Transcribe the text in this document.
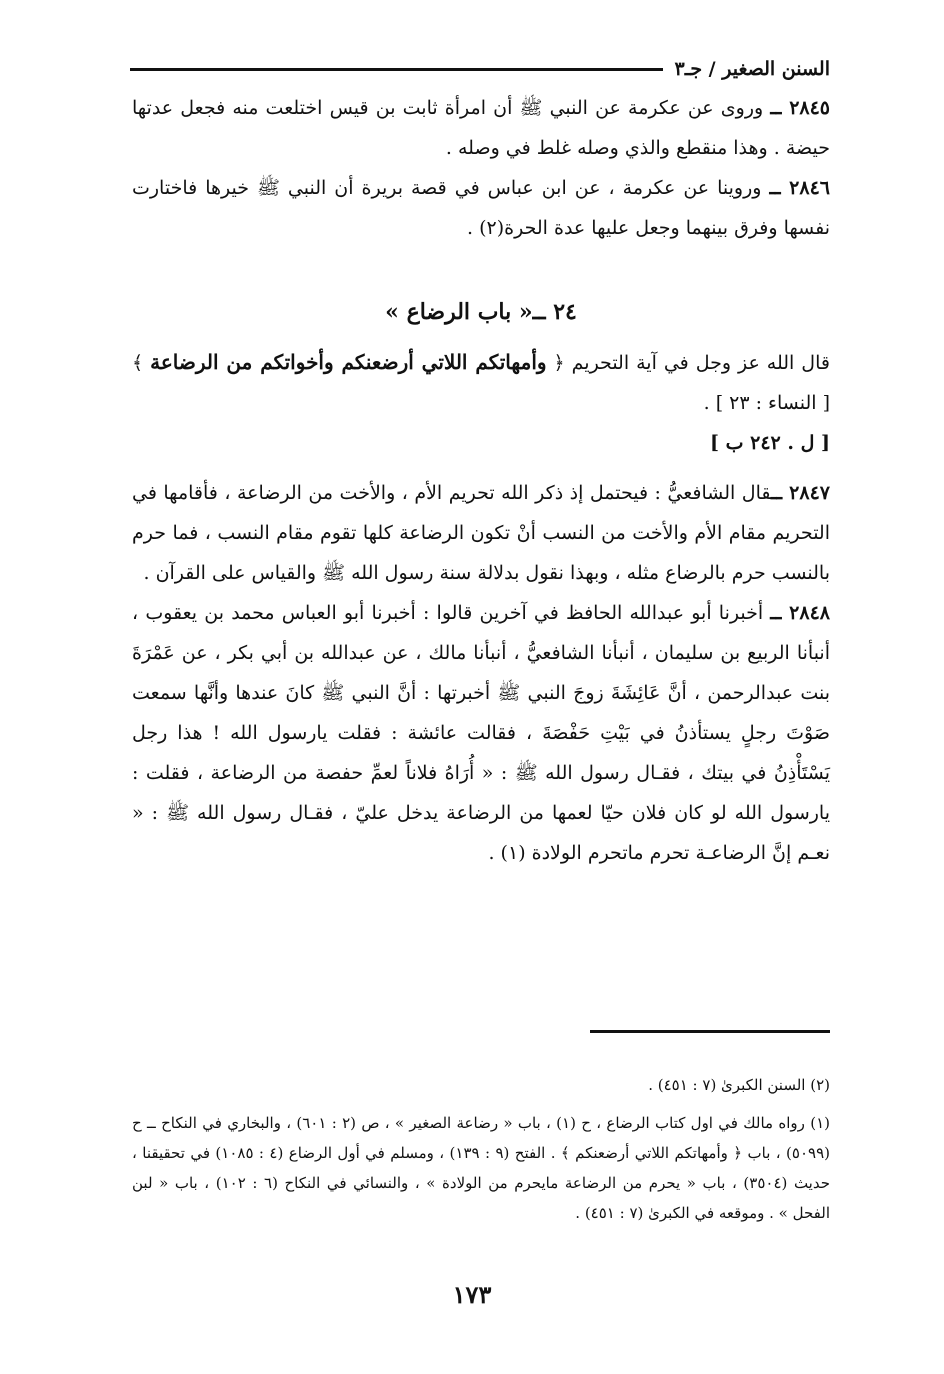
السنن الصغير / جـ٣

٢٨٤٥ ــ وروى عن عكرمة عن النبي ﷺ أن امرأة ثابت بن قيس اختلعت منه فجعل عدتها حيضة . وهذا منقطع والذي وصله غلط في وصله .

٢٨٤٦ ــ وروينا عن عكرمة ، عن ابن عباس في قصة بريرة أن النبي ﷺ خيرها فاختارت نفسها وفرق بينهما وجعل عليها عدة الحرة(٢) .

٢٤ ــ« باب الرضاع »

قال الله عز وجل في آية التحريم ﴿ وأمهاتكم اللاتي أرضعنكم وأخواتكم من الرضاعة ﴾ [ النساء : ٢٣ ] .

[ ل . ٢٤٢ ب ]

٢٨٤٧ ــقال الشافعيُّ : فيحتمل إذ ذكر الله تحريم الأم ، والأخت من الرضاعة ، فأقامها في التحريم مقام الأم والأخت من النسب أنْ تكون الرضاعة كلها تقوم مقام النسب ، فما حرم بالنسب حرم بالرضاع مثله ، وبهذا نقول بدلالة سنة رسول الله ﷺ والقياس على القرآن .

٢٨٤٨ ــ أخبرنا أبو عبدالله الحافظ في آخرين قالوا : أخبرنا أبو العباس محمد بن يعقوب ، أنبأنا الربيع بن سليمان ، أنبأنا الشافعيُّ ، أنبأنا مالك ، عن عبدالله بن أبي بكر ، عن عَمْرَةَ بنت عبدالرحمن ، أنَّ عَائِشَةَ زوجَ النبي ﷺ أخبرتها : أنَّ النبي ﷺ كانَ عندها وأنَّها سمعت صَوْتَ رجلٍ يستأذنُ في بَيْتِ حَفْصَةَ ، فقالت عائشة : فقلت يارسول الله ! هذا رجل يَسْتَأْذِنُ في بيتك ، فقـال رسول الله ﷺ : « أُرَاهُ فلاناً لعمِّ حفصة من الرضاعة ، فقلت : يارسول الله لو كان فلان حيّا لعمها من الرضاعة يدخل عليّ ، فقـال رسول الله ﷺ : « نعـم إنَّ الرضاعـة تحرم ماتحرم الولادة (١) .

(٢) السنن الكبرىٰ (٧ : ٤٥١) .

(١) رواه مالك في اول كتاب الرضاع ، ح (١) ، باب « رضاعة الصغير » ، ص (٢ : ٦٠١) ، والبخاري في النكاح ــ ح (٥٠٩٩) ، باب ﴿ وأمهاتكم اللاتي أرضعنكم ﴾ . الفتح (٩ : ١٣٩) ، ومسلم في أول الرضاع (٤ : ١٠٨٥) في تحقيقنا ، حديث (٣٥٠٤) ، باب « يحرم من الرضاعة مايحرم من الولادة » ، والنسائي في النكاح (٦ : ١٠٢) ، باب « لبن الفحل » . وموقعه في الكبرىٰ (٧ : ٤٥١) .

١٧٣
